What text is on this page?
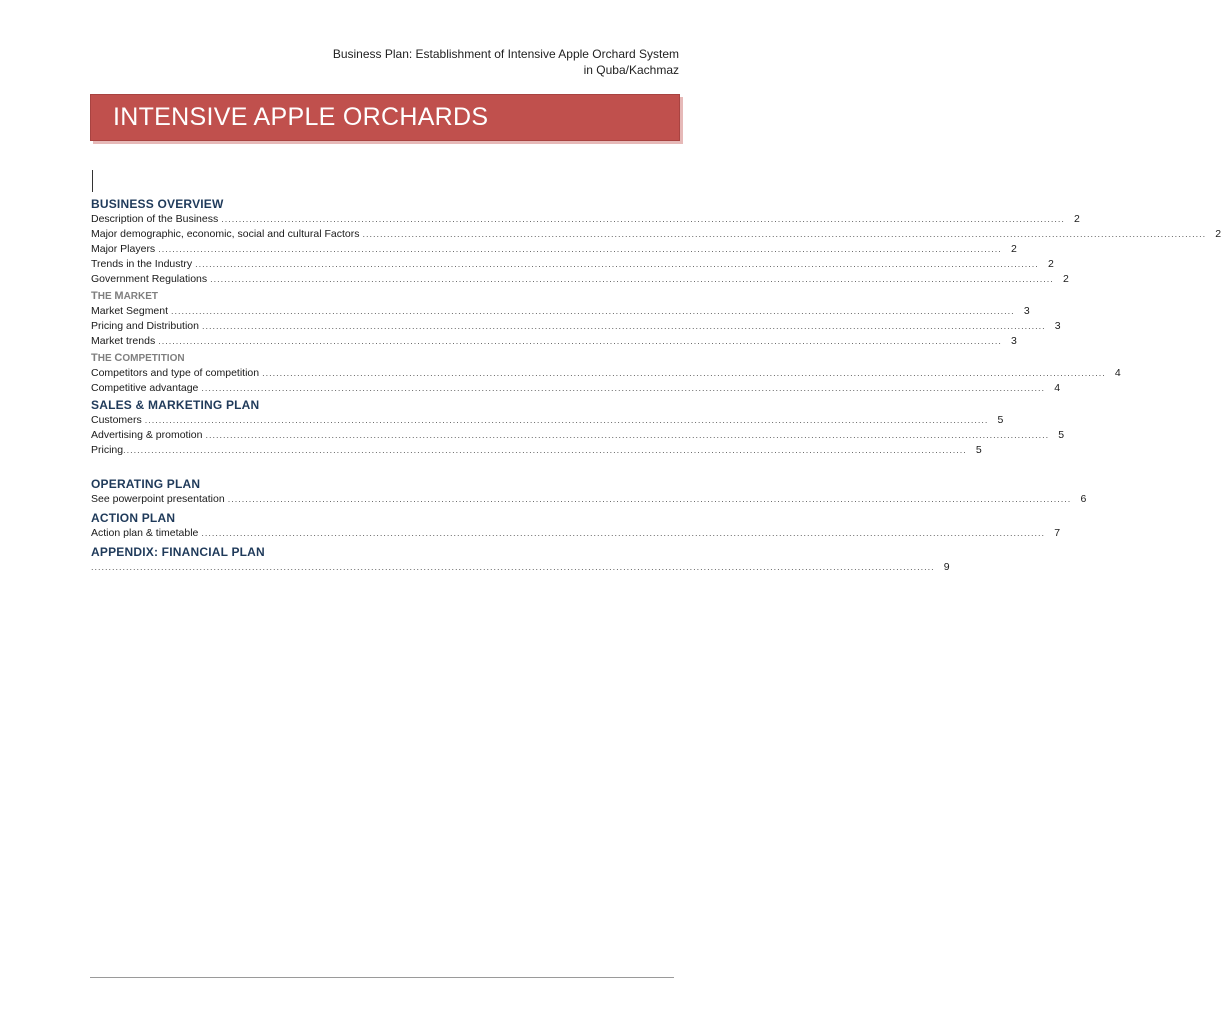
Business Plan: Establishment of Intensive Apple Orchard System
in Quba/Kachmaz
INTENSIVE APPLE ORCHARDS
BUSINESS OVERVIEW
Description of the Business ................................................................................................................................................................................................................................................. 2
Major demographic, economic, social and cultural Factors ................................................................................................................................................................................................................................................. 2
Major Players ................................................................................................................................................................................................................................................. 2
Trends in the Industry ................................................................................................................................................................................................................................................. 2
Government Regulations ................................................................................................................................................................................................................................................. 2
THE MARKET
Market Segment ................................................................................................................................................................................................................................................. 3
Pricing and Distribution ................................................................................................................................................................................................................................................. 3
Market trends ................................................................................................................................................................................................................................................. 3
THE COMPETITION
Competitors and type of competition ................................................................................................................................................................................................................................................. 4
Competitive advantage ................................................................................................................................................................................................................................................. 4
SALES & MARKETING PLAN
Customers ................................................................................................................................................................................................................................................. 5
Advertising & promotion ................................................................................................................................................................................................................................................. 5
Pricing ................................................................................................................................................................................................................................................. 5
OPERATING PLAN
See powerpoint presentation ................................................................................................................................................................................................................................................. 6
ACTION PLAN
Action plan & timetable ................................................................................................................................................................................................................................................. 7
APPENDIX: FINANCIAL PLAN
................................................................................................................................................................................................................................................. 9
